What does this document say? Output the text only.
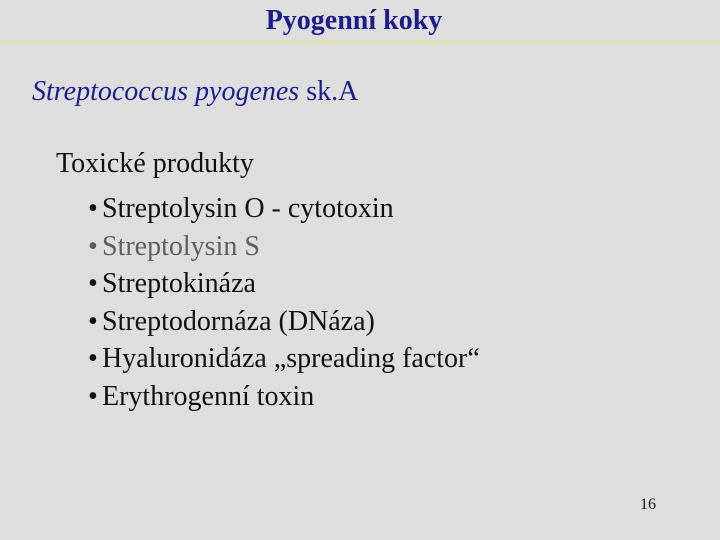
Pyogenní koky
Streptococcus pyogenes sk.A
Toxické produkty
• Streptolysin O - cytotoxin
• Streptolysin S
• Streptokináza
• Streptodornáza (DNáza)
• Hyaluronidáza „spreading factor“
• Erythrogenní toxin
16
